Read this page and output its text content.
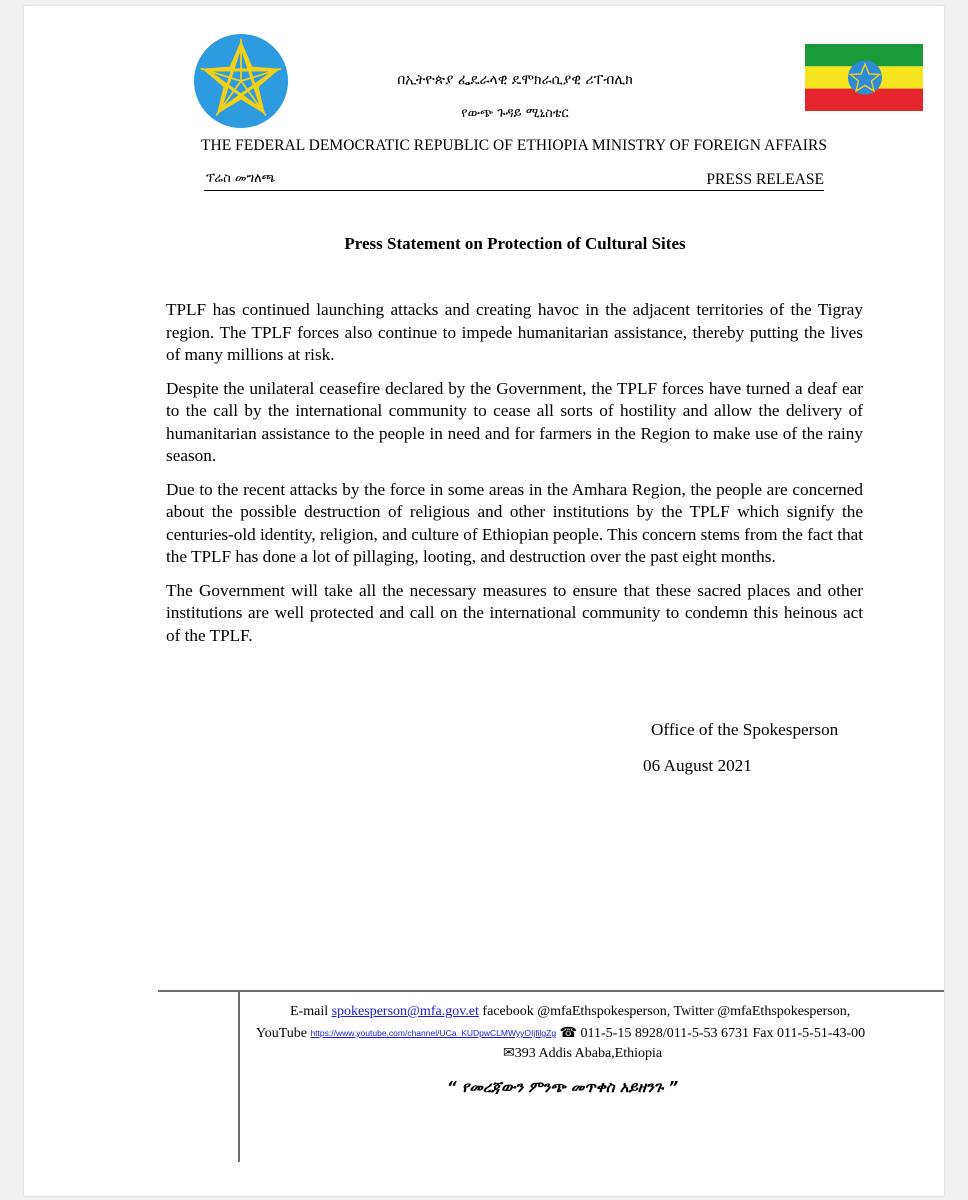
በኢትዮጵያ ፌዴራላዊ ዴሞክራሲያዊ ሪፐብሊክ
የውጭ ጉዳይ ሚኒስቴር
THE FEDERAL DEMOCRATIC REPUBLIC OF ETHIOPIA MINISTRY OF FOREIGN AFFAIRS
ፕሬስ መግለጫ	PRESS RELEASE
Press Statement on Protection of Cultural Sites

TPLF has continued launching attacks and creating havoc in the adjacent territories of the Tigray region. The TPLF forces also continue to impede humanitarian assistance, thereby putting the lives of many millions at risk.

Despite the unilateral ceasefire declared by the Government, the TPLF forces have turned a deaf ear to the call by the international community to cease all sorts of hostility and allow the delivery of humanitarian assistance to the people in need and for farmers in the Region to make use of the rainy season.

Due to the recent attacks by the force in some areas in the Amhara Region, the people are concerned about the possible destruction of religious and other institutions by the TPLF which signify the centuries-old identity, religion, and culture of Ethiopian people. This concern stems from the fact that the TPLF has done a lot of pillaging, looting, and destruction over the past eight months.

The Government will take all the necessary measures to ensure that these sacred places and other institutions are well protected and call on the international community to condemn this heinous act of the TPLF.

Office of the Spokesperson
06 August 2021
E-mail spokesperson@mfa.gov.et facebook @mfaEthspokesperson, Twitter @mfaEthspokesperson,
YouTube https://www.youtube.com/channel/UCa_KUDpwCLMWyyOIjfilgZg ☎ 011-5-15 8928/011-5-53 6731 Fax 011-5-51-43-00
✉393 Addis Ababa,Ethiopia
“ የመረጃውን ምንጭ መጥቀስ አይዘንጉ ”
